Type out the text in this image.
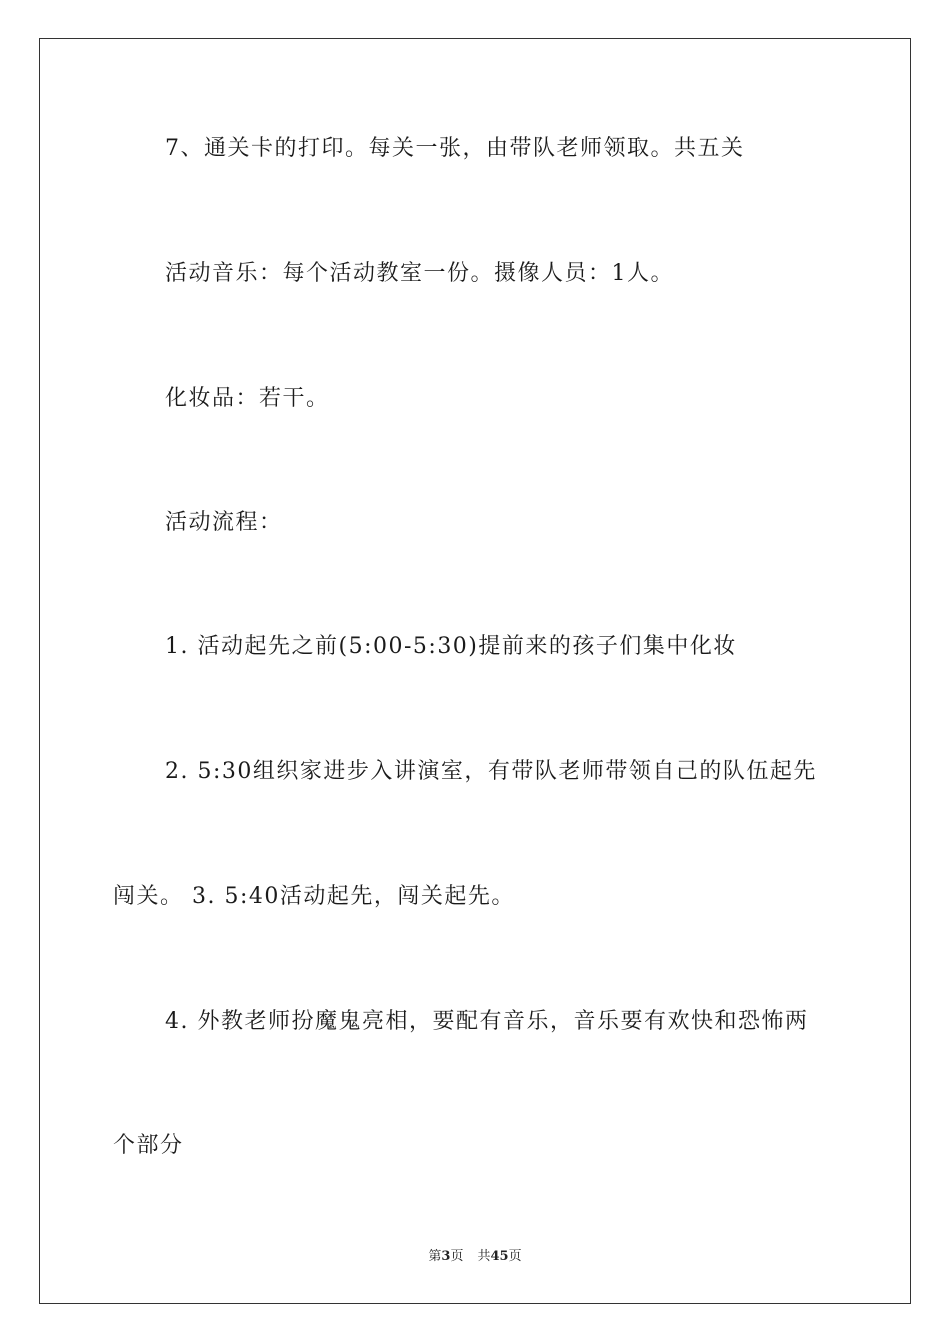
7、通关卡的打印。每关一张，由带队老师领取。共五关
活动音乐：每个活动教室一份。摄像人员：1人。
化妆品：若干。
活动流程：
1. 活动起先之前(5:00-5:30)提前来的孩子们集中化妆
2. 5:30组织家进步入讲演室，有带队老师带领自己的队伍起先
闯关。 3. 5:40活动起先，闯关起先。
4. 外教老师扮魔鬼亮相，要配有音乐，音乐要有欢快和恐怖两
个部分
第3页 共45页
